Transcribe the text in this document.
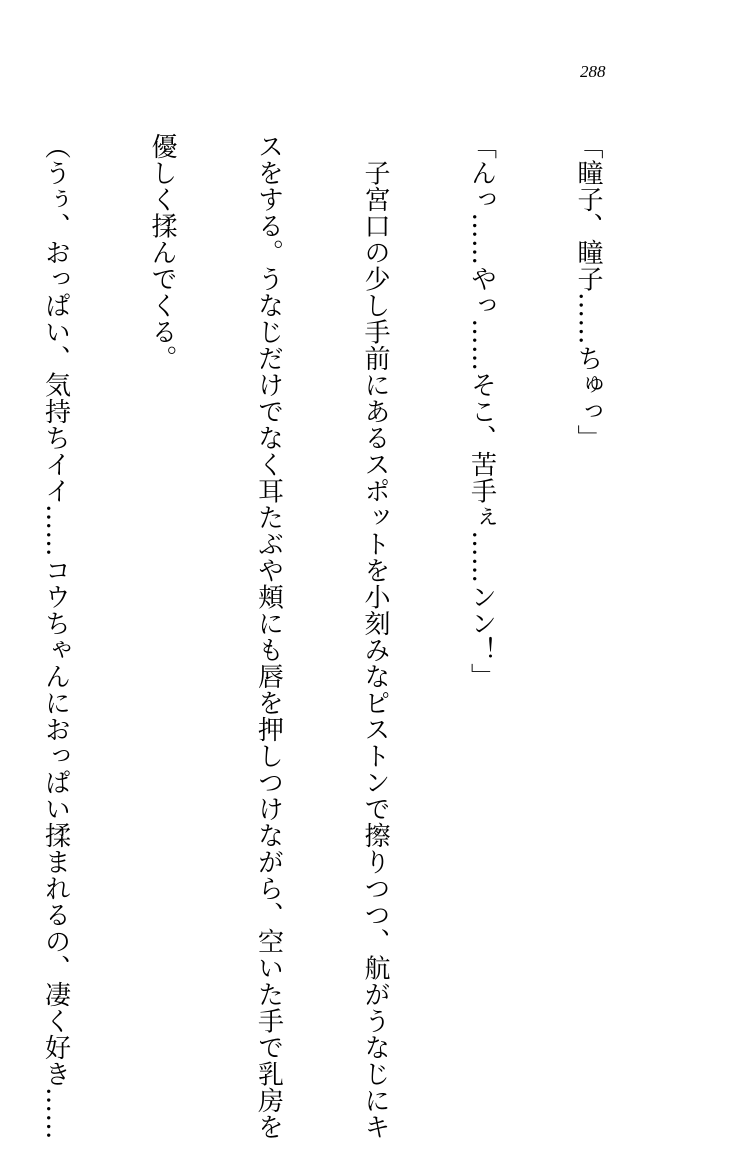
288

「瞳子、瞳子……ちゅっ」

「んっ……やっ……そこ、苦手ぇ……ンン！」

　子宮口の少し手前にあるスポットを小刻みなピストンで擦りつつ、航がうなじにキ

スをする。うなじだけでなく耳たぶや頬にも唇を押しつけながら、空いた手で乳房を

優しく揉んでくる。

（うぅ、おっぱい、気持ちイイ……コウちゃんにおっぱい揉まれるの、凄く好き……
